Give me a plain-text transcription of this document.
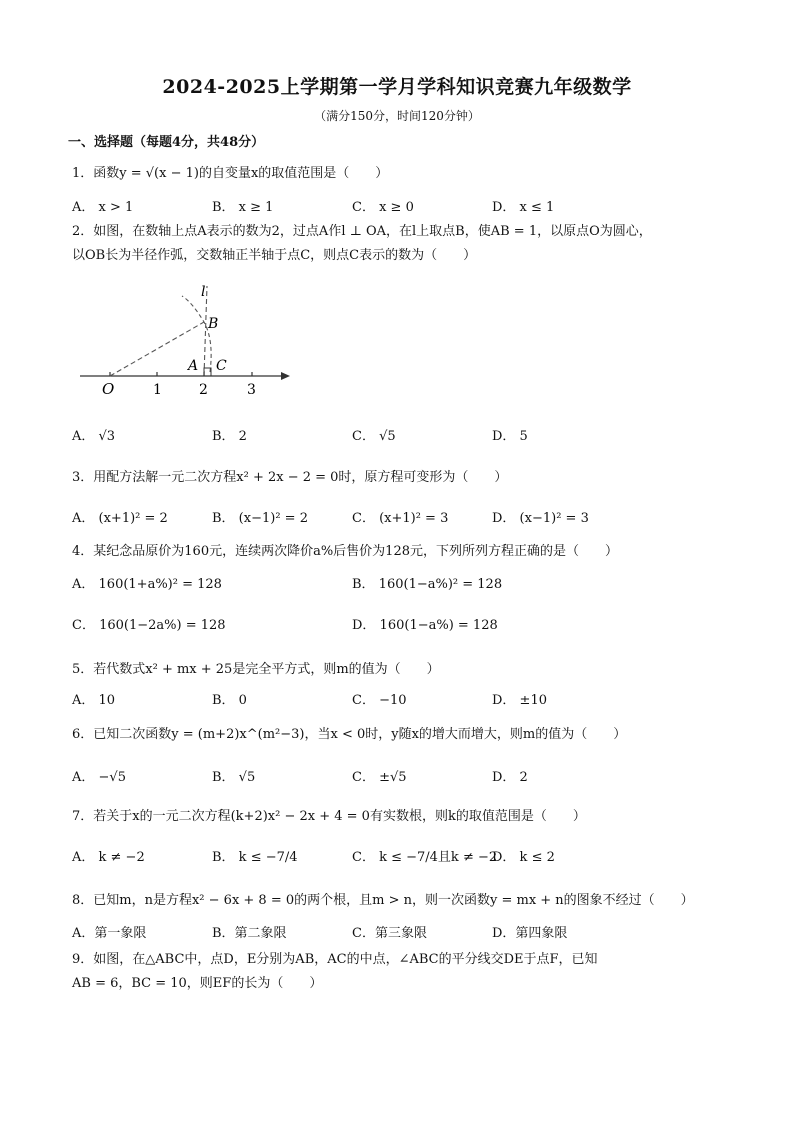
2024-2025上学期第一学月学科知识竞赛九年级数学
（满分150分，时间120分钟）
一、选择题（每题4分，共48分）
1．函数y = √(x − 1)的自变量x的取值范围是（　　）
A． x > 1	B． x ≥ 1	C． x ≥ 0	D． x ≤ 1
2．如图，在数轴上点A表示的数为2，过点A作l ⊥ OA，在l上取点B，使AB = 1，以原点O为圆心，
以OB长为半径作弧，交数轴正半轴于点C，则点C表示的数为（　　）
l
B
A C
O	1	2	3
A． √3	B． 2	C． √5	D． 5
3．用配方法解一元二次方程x² + 2x − 2 = 0时，原方程可变形为（　　）
A． (x+1)² = 2	B． (x−1)² = 2	C． (x+1)² = 3	D． (x−1)² = 3
4．某纪念品原价为160元，连续两次降价a%后售价为128元，下列所列方程正确的是（　　）
A． 160(1+a%)² = 128	B． 160(1−a%)² = 128
C． 160(1−2a%) = 128	D． 160(1−a%) = 128
5．若代数式x² + mx + 25是完全平方式，则m的值为（　　）
A． 10	B． 0	C． −10	D． ±10
6．已知二次函数y = (m+2)x^(m²−3)，当x < 0时，y随x的增大而增大，则m的值为（　　）
A． −√5	B． √5	C． ±√5	D． 2
7．若关于x的一元二次方程(k+2)x² − 2x + 4 = 0有实数根，则k的取值范围是（　　）
A． k ≠ −2	B． k ≤ −7/4	C． k ≤ −7/4且k ≠ −2
D． k ≤ 2
8．已知m，n是方程x² − 6x + 8 = 0的两个根，且m > n，则一次函数y = mx + n的图象不经过（　　）
A．第一象限	B．第二象限	C．第三象限	D．第四象限
9．如图，在△ABC中，点D，E分别为AB，AC的中点，∠ABC的平分线交DE于点F，已知
AB = 6，BC = 10，则EF的长为（　　）
